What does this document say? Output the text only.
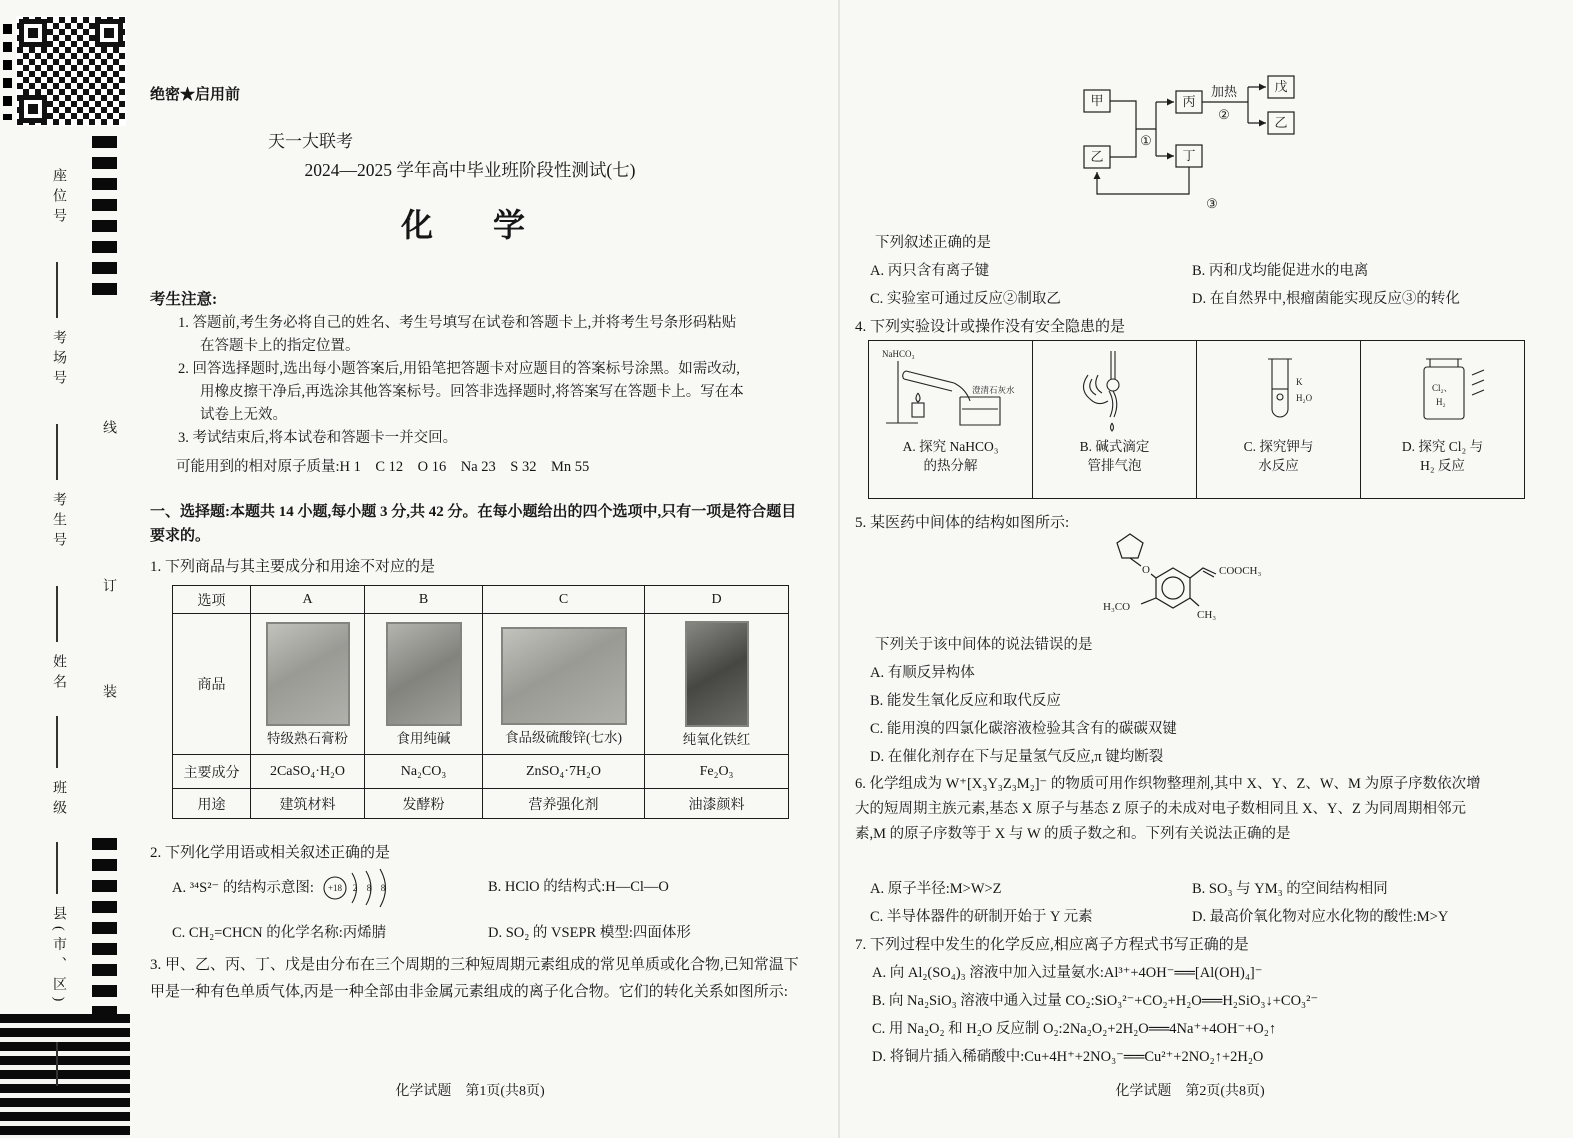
座位号
考场号
考生号
姓名
班级
县(市、区)
线
订
装
绝密★启用前
天一大联考
2024—2025 学年高中毕业班阶段性测试(七)
化　学
考生注意:
1. 答题前,考生务必将自己的姓名、考生号填写在试卷和答题卡上,并将考生号条形码粘贴在答题卡上的指定位置。
2. 回答选择题时,选出每小题答案后,用铅笔把答题卡对应题目的答案标号涂黑。如需改动,用橡皮擦干净后,再选涂其他答案标号。回答非选择题时,将答案写在答题卡上。写在本试卷上无效。
3. 考试结束后,将本试卷和答题卡一并交回。
可能用到的相对原子质量:H 1　C 12　O 16　Na 23　S 32　Mn 55
一、选择题:本题共 14 小题,每小题 3 分,共 42 分。在每小题给出的四个选项中,只有一项是符合题目要求的。
1. 下列商品与其主要成分和用途不对应的是
选项	A	B	C	D
商品	特级熟石膏粉	食用纯碱	食品级硫酸锌(七水)	纯氧化铁红

主要成分	2CaSO₄·H₂O	Na₂CO₃	ZnSO₄·7H₂O	Fe₂O₃
用途	建筑材料	发酵粉	营养强化剂	油漆颜料
2. 下列化学用语或相关叙述正确的是
A. ³⁴S²⁻ 的结构示意图: +18 2 8 8	B. HClO 的结构式:H—Cl—O
C. CH₂=CHCN 的化学名称:丙烯腈	D. SO₂ 的 VSEPR 模型:四面体形
3. 甲、乙、丙、丁、戊是由分布在三个周期的三种短周期元素组成的常见单质或化合物,已知常温下甲是一种有色单质气体,丙是一种全部由非金属元素组成的离子化合物。它们的转化关系如图所示:
化学试题　第1页(共8页)
甲
乙
丙
丁
戊
乙
①
加热
②
③
下列叙述正确的是
A. 丙只含有离子键	B. 丙和戊均能促进水的电离
C. 实验室可通过反应②制取乙	D. 在自然界中,根瘤菌能实现反应③的转化
4. 下列实验设计或操作没有安全隐患的是
NaHCO₃
澄清石灰水
A. 探究 NaHCO₃
的热分解

B. 碱式滴定
管排气泡

K
H₂O
C. 探究钾与
水反应

Cl₂、
H₂
D. 探究 Cl₂ 与
H₂ 反应
5. 某医药中间体的结构如图所示:
O	COOCH₃
H₃CO
CH₃
下列关于该中间体的说法错误的是
A. 有顺反异构体
B. 能发生氧化反应和取代反应
C. 能用溴的四氯化碳溶液检验其含有的碳碳双键
D. 在催化剂存在下与足量氢气反应,π 键均断裂
6. 化学组成为 W⁺[X₃Y₃Z₃M₂]⁻ 的物质可用作织物整理剂,其中 X、Y、Z、W、M 为原子序数依次增大的短周期主族元素,基态 X 原子与基态 Z 原子的未成对电子数相同且 X、Y、Z 为同周期相邻元素,M 的原子序数等于 X 与 W 的质子数之和。下列有关说法正确的是
A. 原子半径:M>W>Z	B. SO₃ 与 YM₃ 的空间结构相同
C. 半导体器件的研制开始于 Y 元素	D. 最高价氧化物对应水化物的酸性:M>Y
7. 下列过程中发生的化学反应,相应离子方程式书写正确的是
A. 向 Al₂(SO₄)₃ 溶液中加入过量氨水:Al³⁺+4OH⁻══[Al(OH)₄]⁻
B. 向 Na₂SiO₃ 溶液中通入过量 CO₂:SiO₃²⁻+CO₂+H₂O══H₂SiO₃↓+CO₃²⁻
C. 用 Na₂O₂ 和 H₂O 反应制 O₂:2Na₂O₂+2H₂O══4Na⁺+4OH⁻+O₂↑
D. 将铜片插入稀硝酸中:Cu+4H⁺+2NO₃⁻══Cu²⁺+2NO₂↑+2H₂O
化学试题　第2页(共8页)
